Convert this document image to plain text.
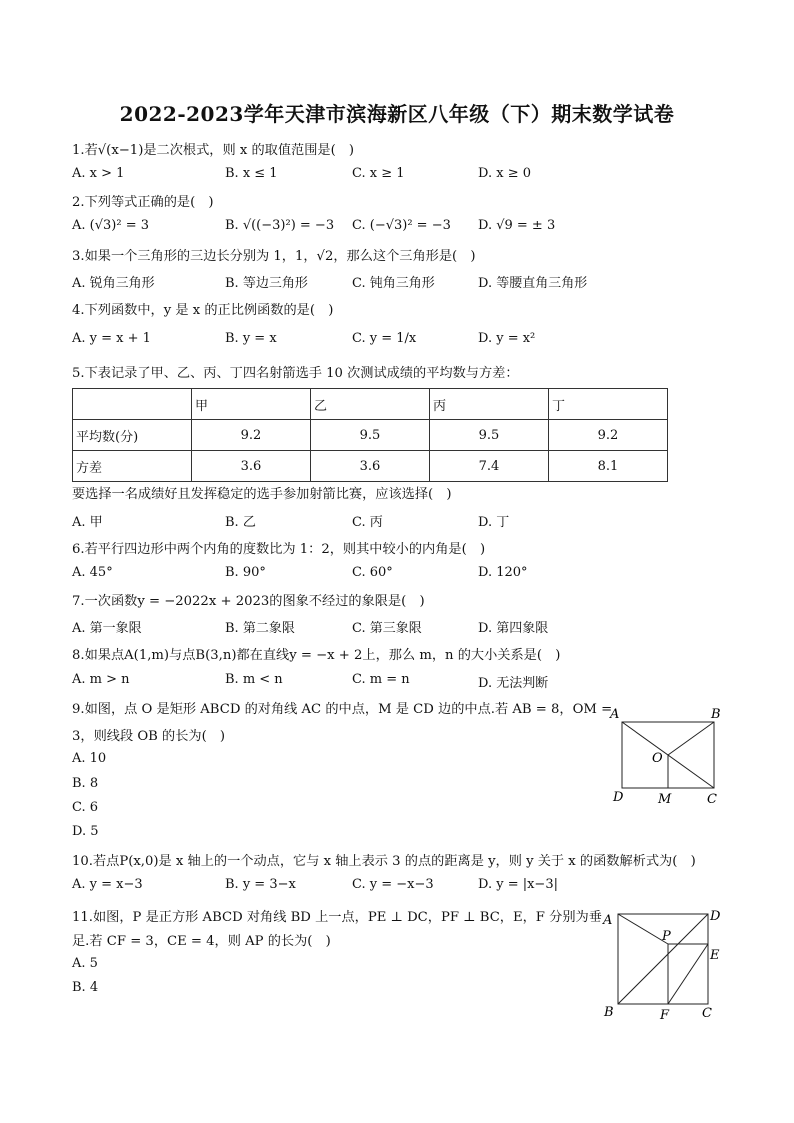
2022-2023学年天津市滨海新区八年级（下）期末数学试卷
1.若√(x−1)是二次根式，则 x 的取值范围是(　)
A. x > 1	B. x ≤ 1	C. x ≥ 1	D. x ≥ 0
2.下列等式正确的是(　)
A. (√3)² = 3	B. √((−3)²) = −3 C. (−√3)² = −3 D. √9 = ± 3
3.如果一个三角形的三边长分别为 1，1，√2，那么这个三角形是(　)
A. 锐角三角形	B. 等边三角形	C. 钝角三角形	D. 等腰直角三角形
4.下列函数中，y 是 x 的正比例函数的是(　)
A. y = x + 1	B. y = x	C. y = 1/x	D. y = x²
5.下表记录了甲、乙、丙、丁四名射箭选手 10 次测试成绩的平均数与方差：
	甲	乙	丙	丁
平均数(分)	9.2	9.5	9.5	9.2
方差	3.6	3.6	7.4	8.1
要选择一名成绩好且发挥稳定的选手参加射箭比赛，应该选择(　)
A. 甲	B. 乙	C. 丙	D. 丁
6.若平行四边形中两个内角的度数比为 1：2，则其中较小的内角是(　)
A. 45°	B. 90°	C. 60°	D. 120°
7.一次函数y = −2022x + 2023的图象不经过的象限是(　)
A. 第一象限	B. 第二象限	C. 第三象限	D. 第四象限
8.如果点A(1,m)与点B(3,n)都在直线y = −x + 2上，那么 m，n 的大小关系是(　)
A. m > n	B. m < n	C. m = n	D. 无法判断
9.如图，点 O 是矩形 ABCD 的对角线 AC 的中点，M 是 CD 边的中点.若 AB = 8，OM =
3，则线段 OB 的长为(　)
A. 10
B. 8
C. 6
D. 5
A	B
C
D
O
M
10.若点P(x,0)是 x 轴上的一个动点，它与 x 轴上表示 3 的点的距离是 y，则 y 关于 x 的函数解析式为(　)
A. y = x−3	B. y = 3−x	C. y = −x−3	D. y = |x−3|
11.如图，P 是正方形 ABCD 对角线 BD 上一点，PE ⊥ DC，PF ⊥ BC，E，F 分别为垂
足.若 CF = 3，CE = 4，则 AP 的长为(　)
A. 5
B. 4
A	D
E
P
B	F	C
